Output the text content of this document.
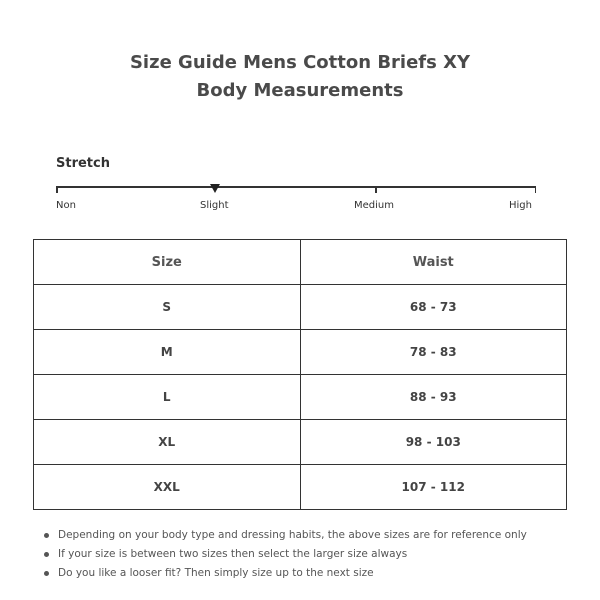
Size Guide Mens Cotton Briefs XY
Body Measurements
Stretch
Non	Slight	Medium	High
Size	Waist
S	68 - 73
M	78 - 83
L	88 - 93
XL	98 - 103
XXL	107 - 112
Depending on your body type and dressing habits, the above sizes are for reference only
If your size is between two sizes then select the larger size always
Do you like a looser fit? Then simply size up to the next size
